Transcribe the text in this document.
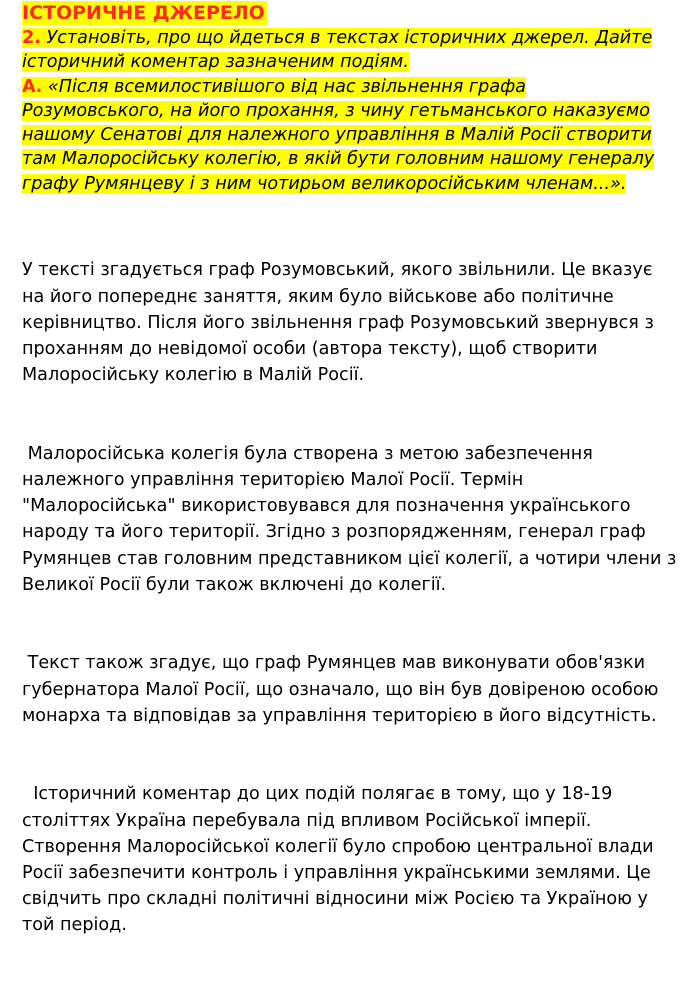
ІСТОРИЧНЕ ДЖЕРЕЛО

2. Установіть, про що йдеться в текстах історичних джерел. Дайте історичний коментар зазначеним подіям.

А. «Після всемилостивішого від нас звільнення графа Розумовського, на його прохання, з чину гетьманського наказуємо нашому Сенатові для належного управління в Малій Росії створити там Малоросійську колегію, в якій бути головним нашому генералу графу Румянцеву і з ним чотирьом великоросійським членам...».

У тексті згадується граф Розумовський, якого звільнили. Це вказує на його попереднє заняття, яким було військове або політичне керівництво. Після його звільнення граф Розумовський звернувся з проханням до невідомої особи (автора тексту), щоб створити Малоросійську колегію в Малій Росії.

Малоросійська колегія була створена з метою забезпечення належного управління територією Малої Росії. Термін "Малоросійська" використовувався для позначення українського народу та його території. Згідно з розпорядженням, генерал граф Румянцев став головним представником цієї колегії, а чотири члени з Великої Росії були також включені до колегії.

Текст також згадує, що граф Румянцев мав виконувати обов'язки губернатора Малої Росії, що означало, що він був довіреною особою монарха та відповідав за управління територією в його відсутність.

Історичний коментар до цих подій полягає в тому, що у 18-19 століттях Україна перебувала під впливом Російської імперії. Створення Малоросійської колегії було спробою центральної влади Росії забезпечити контроль і управління українськими землями. Це свідчить про складні політичні відносини між Росією та Україною у той період.
